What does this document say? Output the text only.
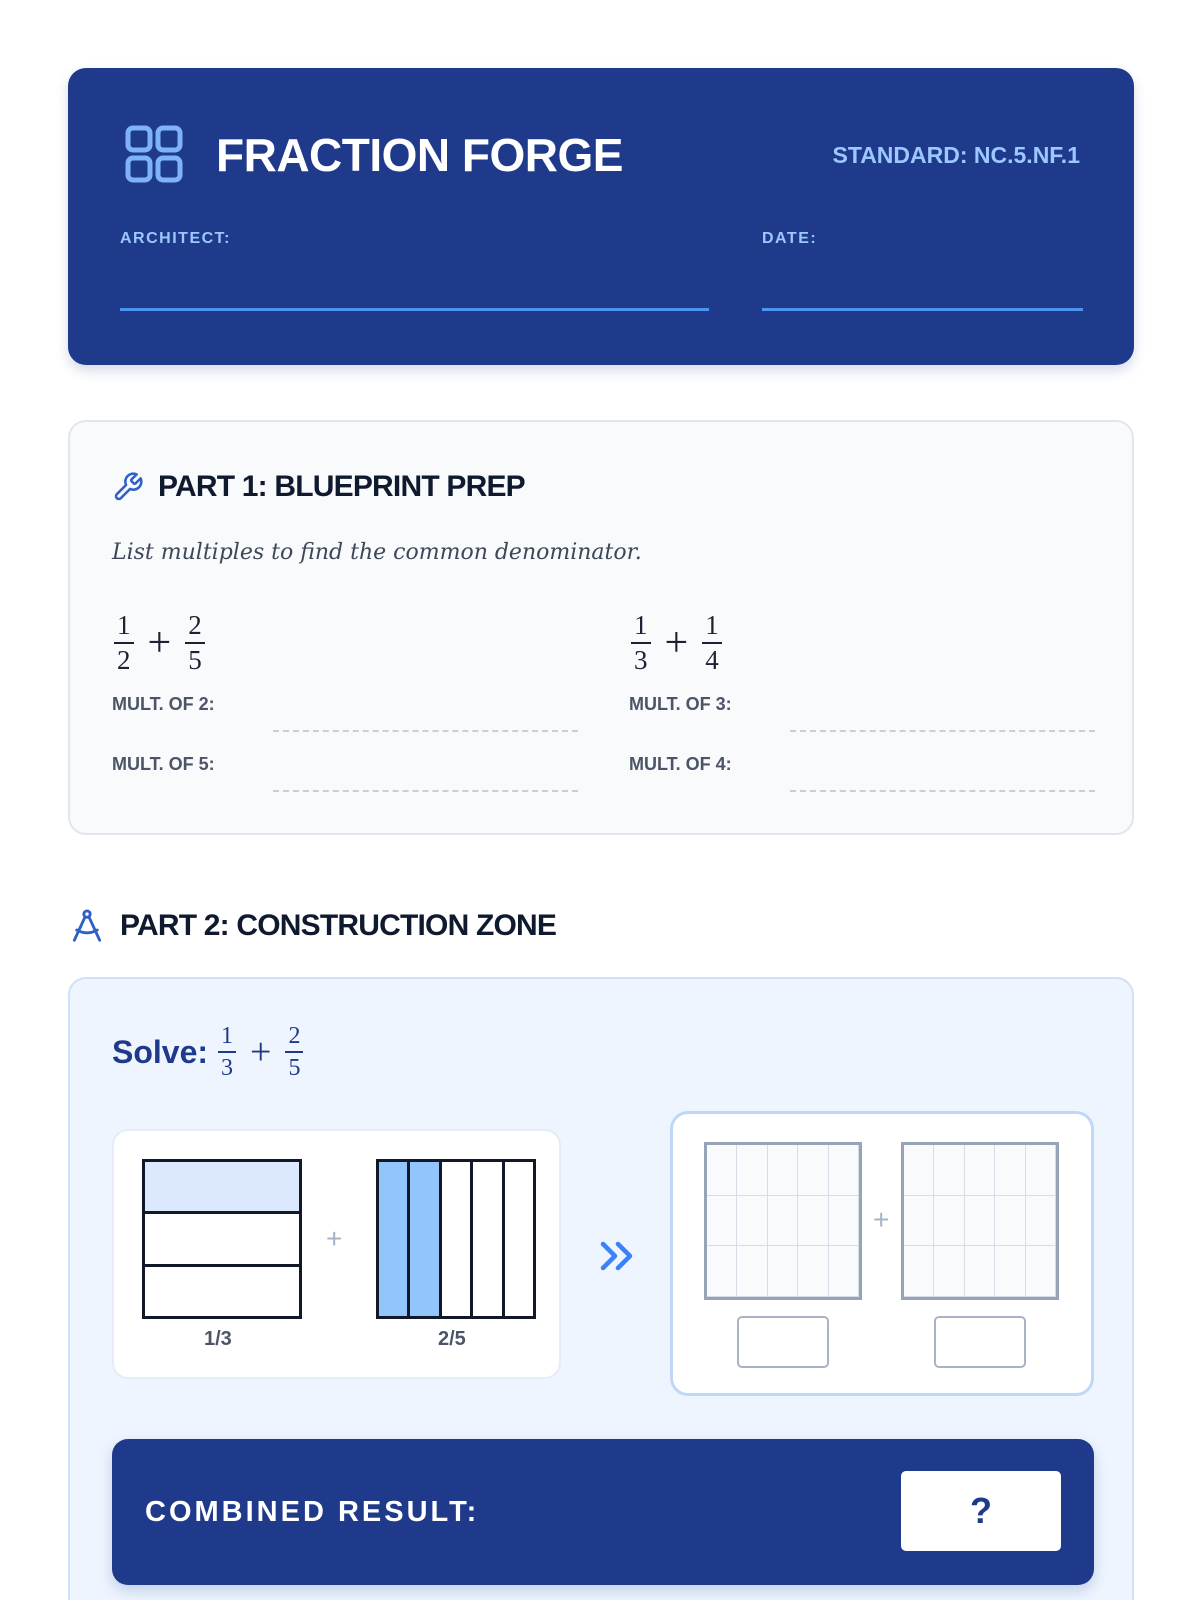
FRACTION FORGE	STANDARD: NC.5.NF.1
ARCHITECT:	DATE:
PART 1: BLUEPRINT PREP
List multiples to find the common denominator.
$\frac{1}{2} + \frac{2}{5}$
MULT. OF 2:
MULT. OF 5:
$\frac{1}{3} + \frac{1}{4}$
MULT. OF 3:
MULT. OF 4:
PART 2: CONSTRUCTION ZONE
Solve: $\frac{1}{3} + \frac{2}{5}$
+
1/3	2/5
+
COMBINED RESULT:	?
